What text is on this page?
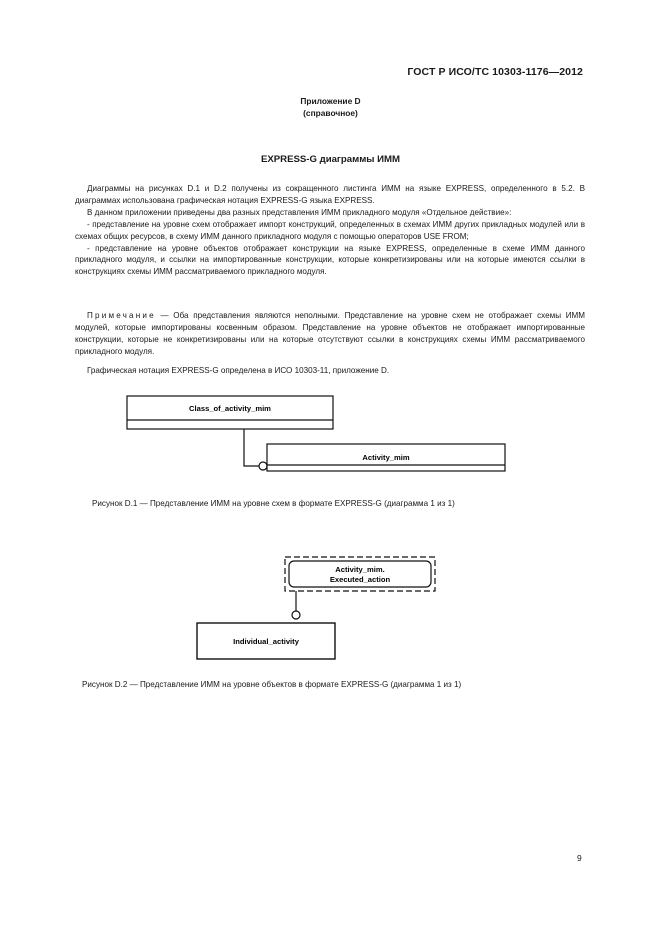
ГОСТ Р ИСО/ТС 10303-1176—2012
Приложение D
(справочное)
EXPRESS-G диаграммы ИММ

Диаграммы на рисунках D.1 и D.2 получены из сокращенного листинга ИММ на языке EXPRESS, определенного в 5.2. В диаграммах использована графическая нотация EXPRESS-G языка EXPRESS.

В данном приложении приведены два разных представления ИММ прикладного модуля «Отдельное действие»:

- представление на уровне схем отображает импорт конструкций, определенных в схемах ИММ других прикладных модулей или в схемах общих ресурсов, в схему ИММ данного прикладного модуля с помощью операторов USE FROM;

- представление на уровне объектов отображает конструкции на языке EXPRESS, определенные в схеме ИММ данного прикладного модуля, и ссылки на импортированные конструкции, которые конкретизированы или на которые имеются ссылки в конструкциях схемы ИММ рассматриваемого прикладного модуля.

Примечание — Оба представления являются неполными. Представление на уровне схем не отображает схемы ИММ модулей, которые импортированы косвенным образом. Представление на уровне объектов не отображает импортированные конструкции, которые не конкретизированы или на которые отсутствуют ссылки в конструкциях схемы ИММ рассматриваемого прикладного модуля.

Графическая нотация EXPRESS-G определена в ИСО 10303-11, приложение D.

Class_of_activity_mim
Activity_mim
Activity_mim.
Executed_action
Individual_activity
Рисунок D.1 — Представление ИММ на уровне схем в формате EXPRESS-G (диаграмма 1 из 1)
Рисунок D.2 — Представление ИММ на уровне объектов в формате EXPRESS-G (диаграмма 1 из 1)
9
